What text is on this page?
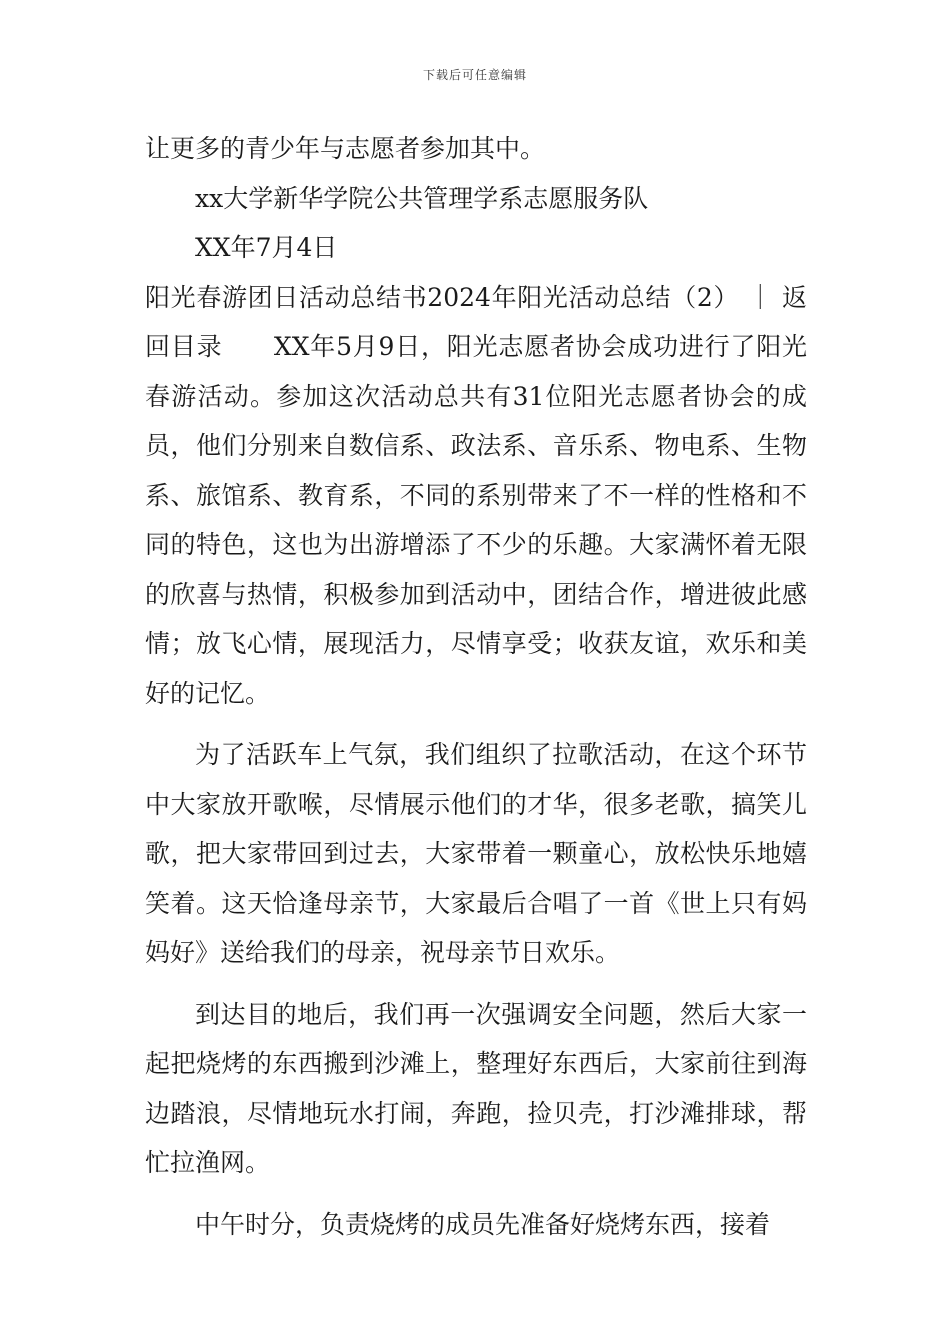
下载后可任意编辑

让更多的青少年与志愿者参加其中。

xx大学新华学院公共管理学系志愿服务队

XX年7月4日

阳光春游团日活动总结书2024年阳光活动总结（2） ｜ 返回目录　　XX年5月9日，阳光志愿者协会成功进行了阳光春游活动。参加这次活动总共有31位阳光志愿者协会的成员，他们分别来自数信系、政法系、音乐系、物电系、生物系、旅馆系、教育系，不同的系别带来了不一样的性格和不同的特色，这也为出游增添了不少的乐趣。大家满怀着无限的欣喜与热情，积极参加到活动中，团结合作，增进彼此感情；放飞心情，展现活力，尽情享受；收获友谊，欢乐和美好的记忆。

为了活跃车上气氛，我们组织了拉歌活动，在这个环节中大家放开歌喉，尽情展示他们的才华，很多老歌，搞笑儿歌，把大家带回到过去，大家带着一颗童心，放松快乐地嬉笑着。这天恰逢母亲节，大家最后合唱了一首《世上只有妈妈好》送给我们的母亲，祝母亲节日欢乐。

到达目的地后，我们再一次强调安全问题，然后大家一起把烧烤的东西搬到沙滩上，整理好东西后，大家前往到海边踏浪，尽情地玩水打闹，奔跑，捡贝壳，打沙滩排球，帮忙拉渔网。

中午时分，负责烧烤的成员先准备好烧烤东西，接着
